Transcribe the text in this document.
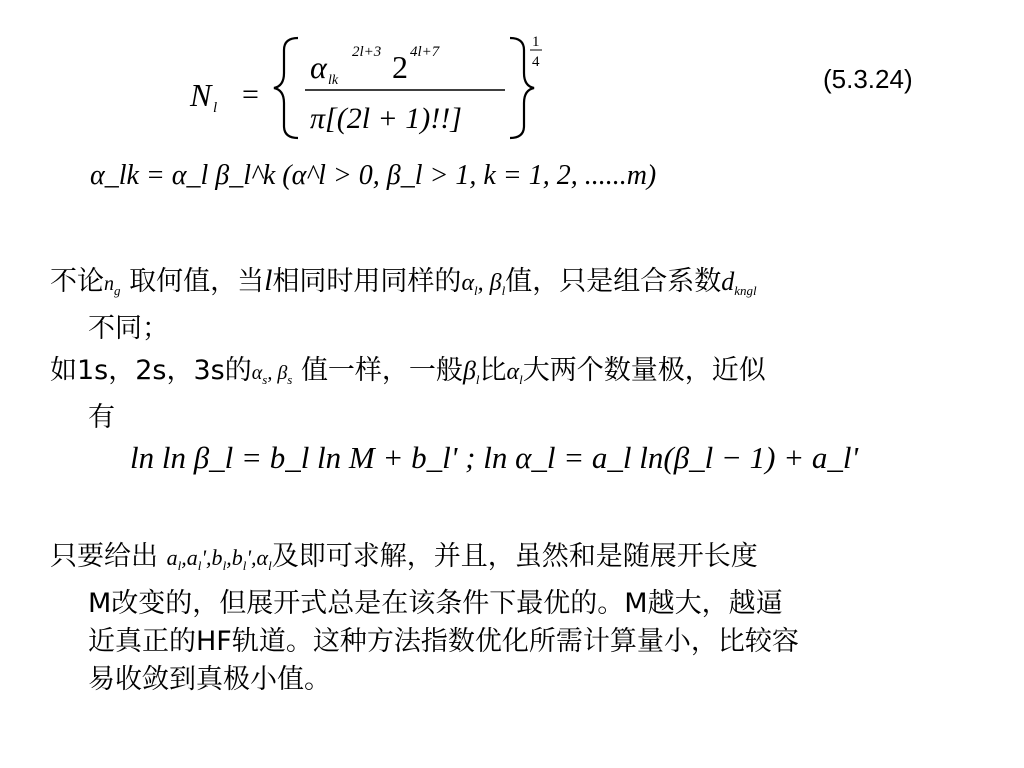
N l =
α lk
2l+3 2 4l+7
π[(2l + 1)!!]
1
4
(5.3.24)
α_lk = α_l β_l^k (α^l > 0, β_l > 1, k = 1, 2, ......m)
不论$n_g$ 取何值，当l相同时用同样的$\alpha_l$, $\beta_l$值，只是组合系数$d_{kngl}$
不同；
如1s，2s，3s的$\alpha_s$, $\beta_s$ 值一样，一般$\beta_l$比$\alpha_l$大两个数量极，近似
有
ln ln β_l = b_l ln M + b_l' ; ln α_l = a_l ln(β_l − 1) + a_l'
只要给出 $a_l,a_l',b_l,b_l',\alpha_l$及即可求解，并且，虽然和是随展开长度
M改变的，但展开式总是在该条件下最优的。M越大，越逼
近真正的HF轨道。这种方法指数优化所需计算量小，比较容
易收敛到真极小值。
